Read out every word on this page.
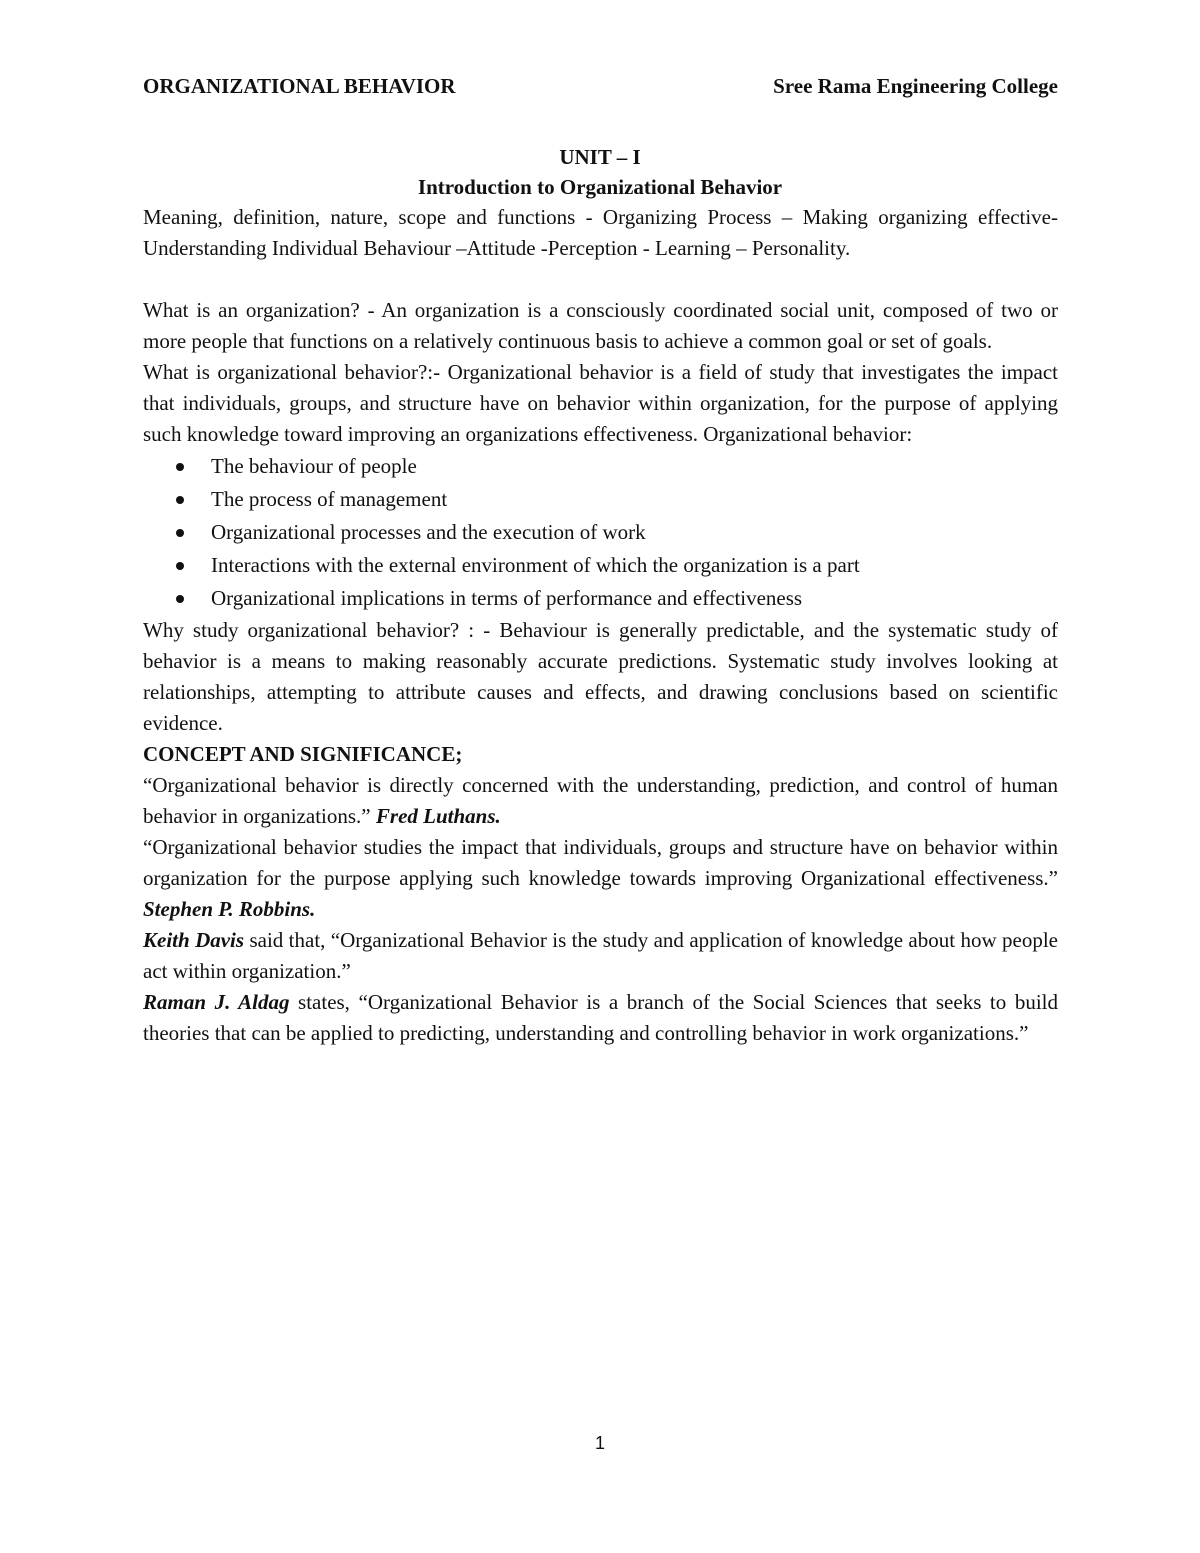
ORGANIZATIONAL BEHAVIOR	Sree Rama Engineering College
UNIT – I
Introduction to Organizational Behavior

Meaning, definition, nature, scope and functions - Organizing Process – Making organizing effective-Understanding Individual Behaviour –Attitude -Perception - Learning – Personality.

What is an organization? - An organization is a consciously coordinated social unit, composed of two or more people that functions on a relatively continuous basis to achieve a common goal or set of goals.

What is organizational behavior?:- Organizational behavior is a field of study that investigates the impact that individuals, groups, and structure have on behavior within organization, for the purpose of applying such knowledge toward improving an organizations effectiveness. Organizational behavior:

The behaviour of people
The process of management
Organizational processes and the execution of work
Interactions with the external environment of which the organization is a part
Organizational implications in terms of performance and effectiveness

Why study organizational behavior? : - Behaviour is generally predictable, and the systematic study of behavior is a means to making reasonably accurate predictions. Systematic study involves looking at relationships, attempting to attribute causes and effects, and drawing conclusions based on scientific evidence.

CONCEPT AND SIGNIFICANCE;

“Organizational behavior is directly concerned with the understanding, prediction, and control of human behavior in organizations.” Fred Luthans.

“Organizational behavior studies the impact that individuals, groups and structure have on behavior within organization for the purpose applying such knowledge towards improving Organizational effectiveness.” Stephen P. Robbins.

Keith Davis said that, “Organizational Behavior is the study and application of knowledge about how people act within organization.”

Raman J. Aldag states, “Organizational Behavior is a branch of the Social Sciences that seeks to build theories that can be applied to predicting, understanding and controlling behavior in work organizations.”

1
